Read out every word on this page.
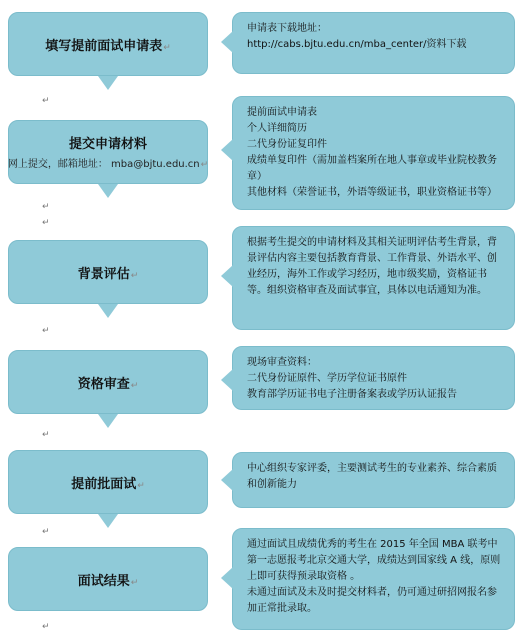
填写提前面试申请表↵
提交申请材料
网上提交，邮箱地址： mba@bjtu.edu.cn↵
背景评估↵
资格审查↵
提前批面试↵
面试结果↵
↵
↵
↵
↵
↵
↵
↵

申请表下载地址：

http://cabs.bjtu.edu.cn/mba_center/资料下载

提前面试申请表

个人详细简历

二代身份证复印件

成绩单复印件（需加盖档案所在地人事章或毕业院校教务章）

其他材料（荣誉证书，外语等级证书，职业资格证书等）

根据考生提交的申请材料及其相关证明评估考生背景，背景评估内容主要包括教育背景、工作背景、外语水平、创业经历，海外工作或学习经历，地市级奖励，资格证书等。组织资格审查及面试事宜，具体以电话通知为准。

现场审查资料：

二代身份证原件、学历学位证书原件

教育部学历证书电子注册备案表或学历认证报告

中心组织专家评委，主要测试考生的专业素养、综合素质和创新能力

通过面试且成绩优秀的考生在 2015 年全国 MBA 联考中第一志愿报考北京交通大学，成绩达到国家线 A 线，原则上即可获得预录取资格 。

未通过面试及未及时提交材料者，仍可通过研招网报名参加正常批录取。
